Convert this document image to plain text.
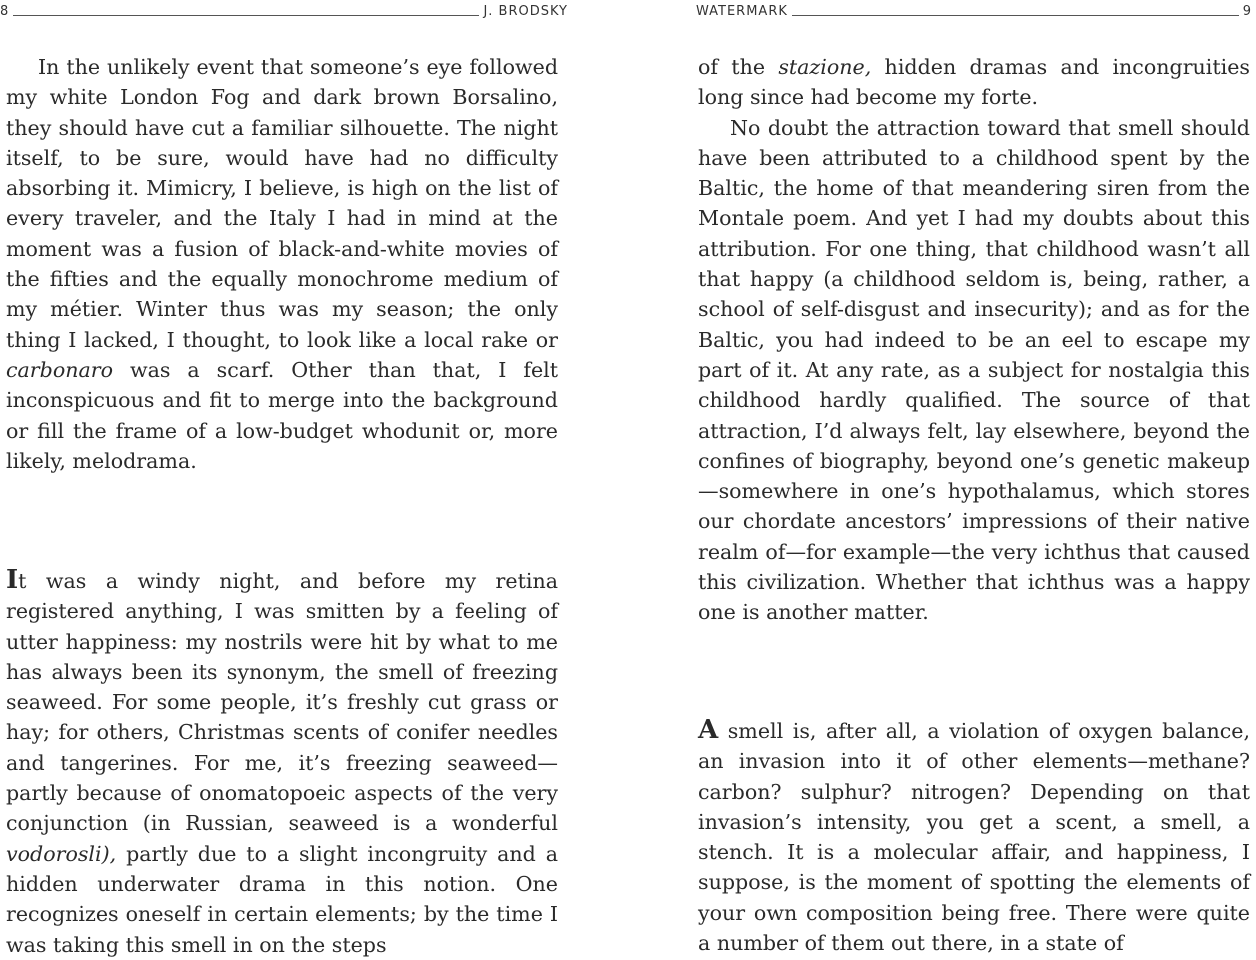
8	J. BRODSKY

In the unlikely event that someone’s eye followed my white London Fog and dark brown Borsalino, they should have cut a familiar silhouette. The night itself, to be sure, would have had no difficulty absorbing it. Mimicry, I believe, is high on the list of every traveler, and the Italy I had in mind at the moment was a fusion of black-and-white movies of the fifties and the equally monochrome medium of my métier. Winter thus was my season; the only thing I lacked, I thought, to look like a local rake or carbonaro was a scarf. Other than that, I felt inconspicuous and fit to merge into the background or fill the frame of a low-budget whodunit or, more likely, melodrama.

It was a windy night, and before my retina registered anything, I was smitten by a feeling of utter happiness: my nostrils were hit by what to me has always been its synonym, the smell of freezing seaweed. For some people, it’s freshly cut grass or hay; for others, Christmas scents of conifer needles and tangerines. For me, it’s freezing seaweed—partly because of onomatopoeic aspects of the very conjunction (in Russian, seaweed is a wonderful vodorosli), partly due to a slight incongruity and a hidden underwater drama in this notion. One recognizes oneself in certain elements; by the time I was taking this smell in on the steps

WATERMARK	9

of the stazione, hidden dramas and incongruities long since had become my forte.

No doubt the attraction toward that smell should have been attributed to a childhood spent by the Baltic, the home of that meandering siren from the Montale poem. And yet I had my doubts about this attribution. For one thing, that childhood wasn’t all that happy (a childhood seldom is, being, rather, a school of self-disgust and insecurity); and as for the Baltic, you had indeed to be an eel to escape my part of it. At any rate, as a subject for nostalgia this childhood hardly qualified. The source of that attraction, I’d always felt, lay elsewhere, beyond the confines of biography, beyond one’s genetic makeup—somewhere in one’s hypothalamus, which stores our chordate ancestors’ impressions of their native realm of—for example—the very ichthus that caused this civilization. Whether that ichthus was a happy one is another matter.

A smell is, after all, a violation of oxygen balance, an invasion into it of other elements—methane? carbon? sulphur? nitrogen? Depending on that invasion’s intensity, you get a scent, a smell, a stench. It is a molecular affair, and happiness, I suppose, is the moment of spotting the elements of your own composition being free. There were quite a number of them out there, in a state of
